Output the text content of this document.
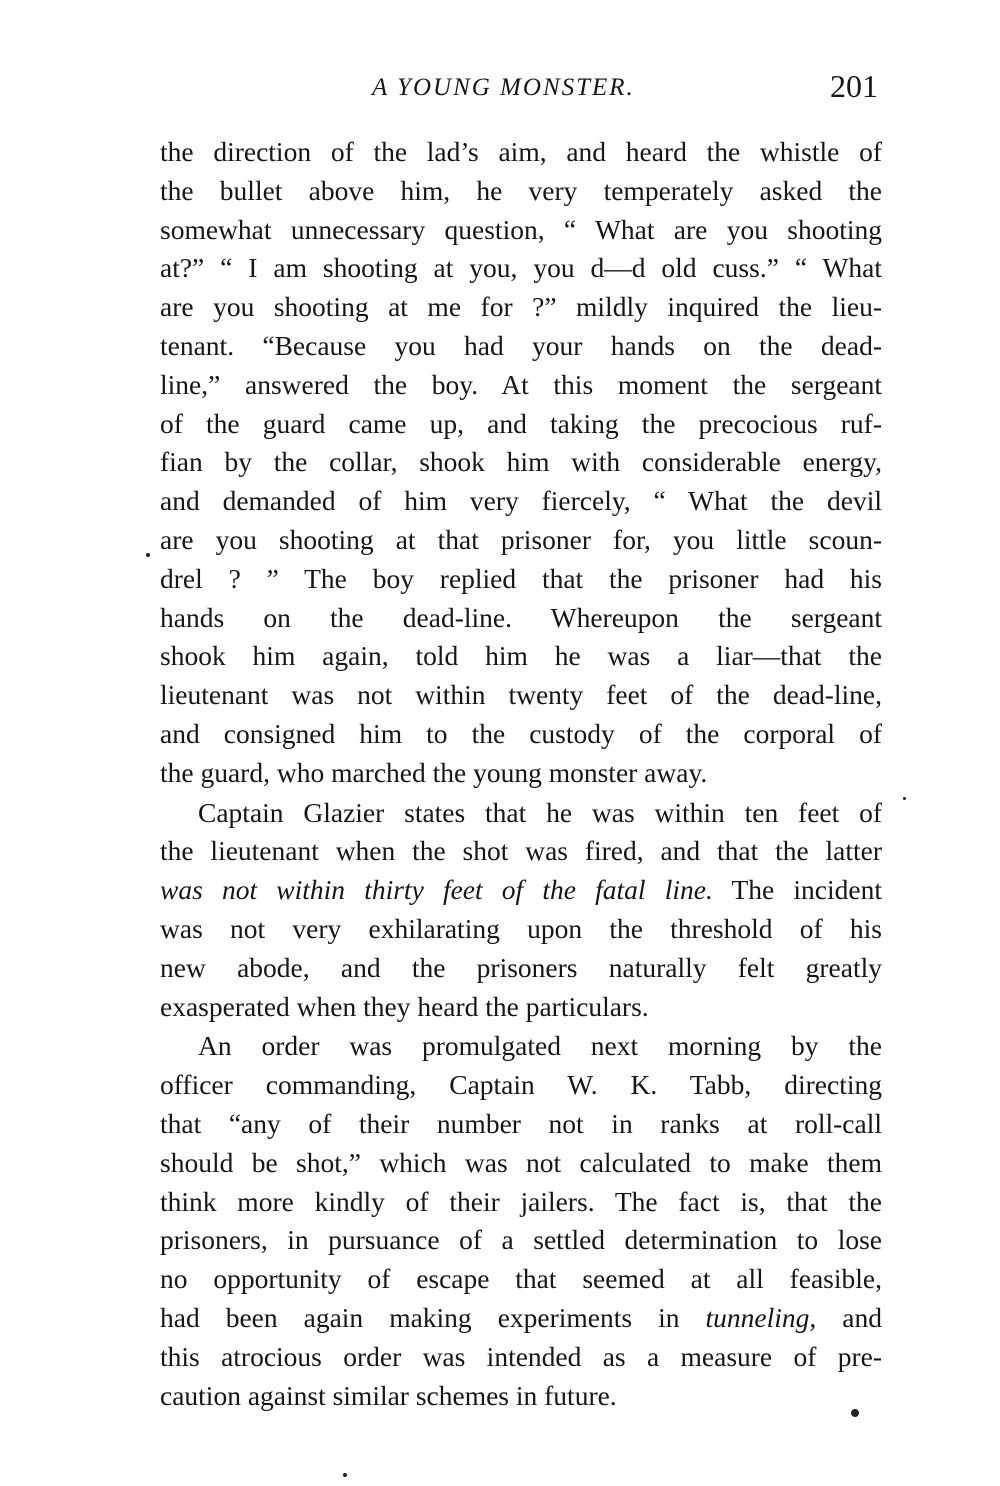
A YOUNG MONSTER.	201
the direction of the lad’s aim, and heard the whistle of
the bullet above him, he very temperately asked the
somewhat unnecessary question, “ What are you shooting
at?” “ I am shooting at you, you d—d old cuss.” “ What
are you shooting at me for ?” mildly inquired the lieu-
tenant. “Because you had your hands on the dead-
line,” answered the boy. At this moment the sergeant
of the guard came up, and taking the precocious ruf-
fian by the collar, shook him with considerable energy,
and demanded of him very fiercely, “ What the devil
are you shooting at that prisoner for, you little scoun-
drel ? ” The boy replied that the prisoner had his
hands on the dead-line. Whereupon the sergeant
shook him again, told him he was a liar—that the
lieutenant was not within twenty feet of the dead-line,
and consigned him to the custody of the corporal of
the guard, who marched the young monster away.
Captain Glazier states that he was within ten feet of
the lieutenant when the shot was fired, and that the latter
was not within thirty feet of the fatal line. The incident
was not very exhilarating upon the threshold of his
new abode, and the prisoners naturally felt greatly
exasperated when they heard the particulars.
An order was promulgated next morning by the
officer commanding, Captain W. K. Tabb, directing
that “any of their number not in ranks at roll-call
should be shot,” which was not calculated to make them
think more kindly of their jailers. The fact is, that the
prisoners, in pursuance of a settled determination to lose
no opportunity of escape that seemed at all feasible,
had been again making experiments in tunneling, and
this atrocious order was intended as a measure of pre-
caution against similar schemes in future.
